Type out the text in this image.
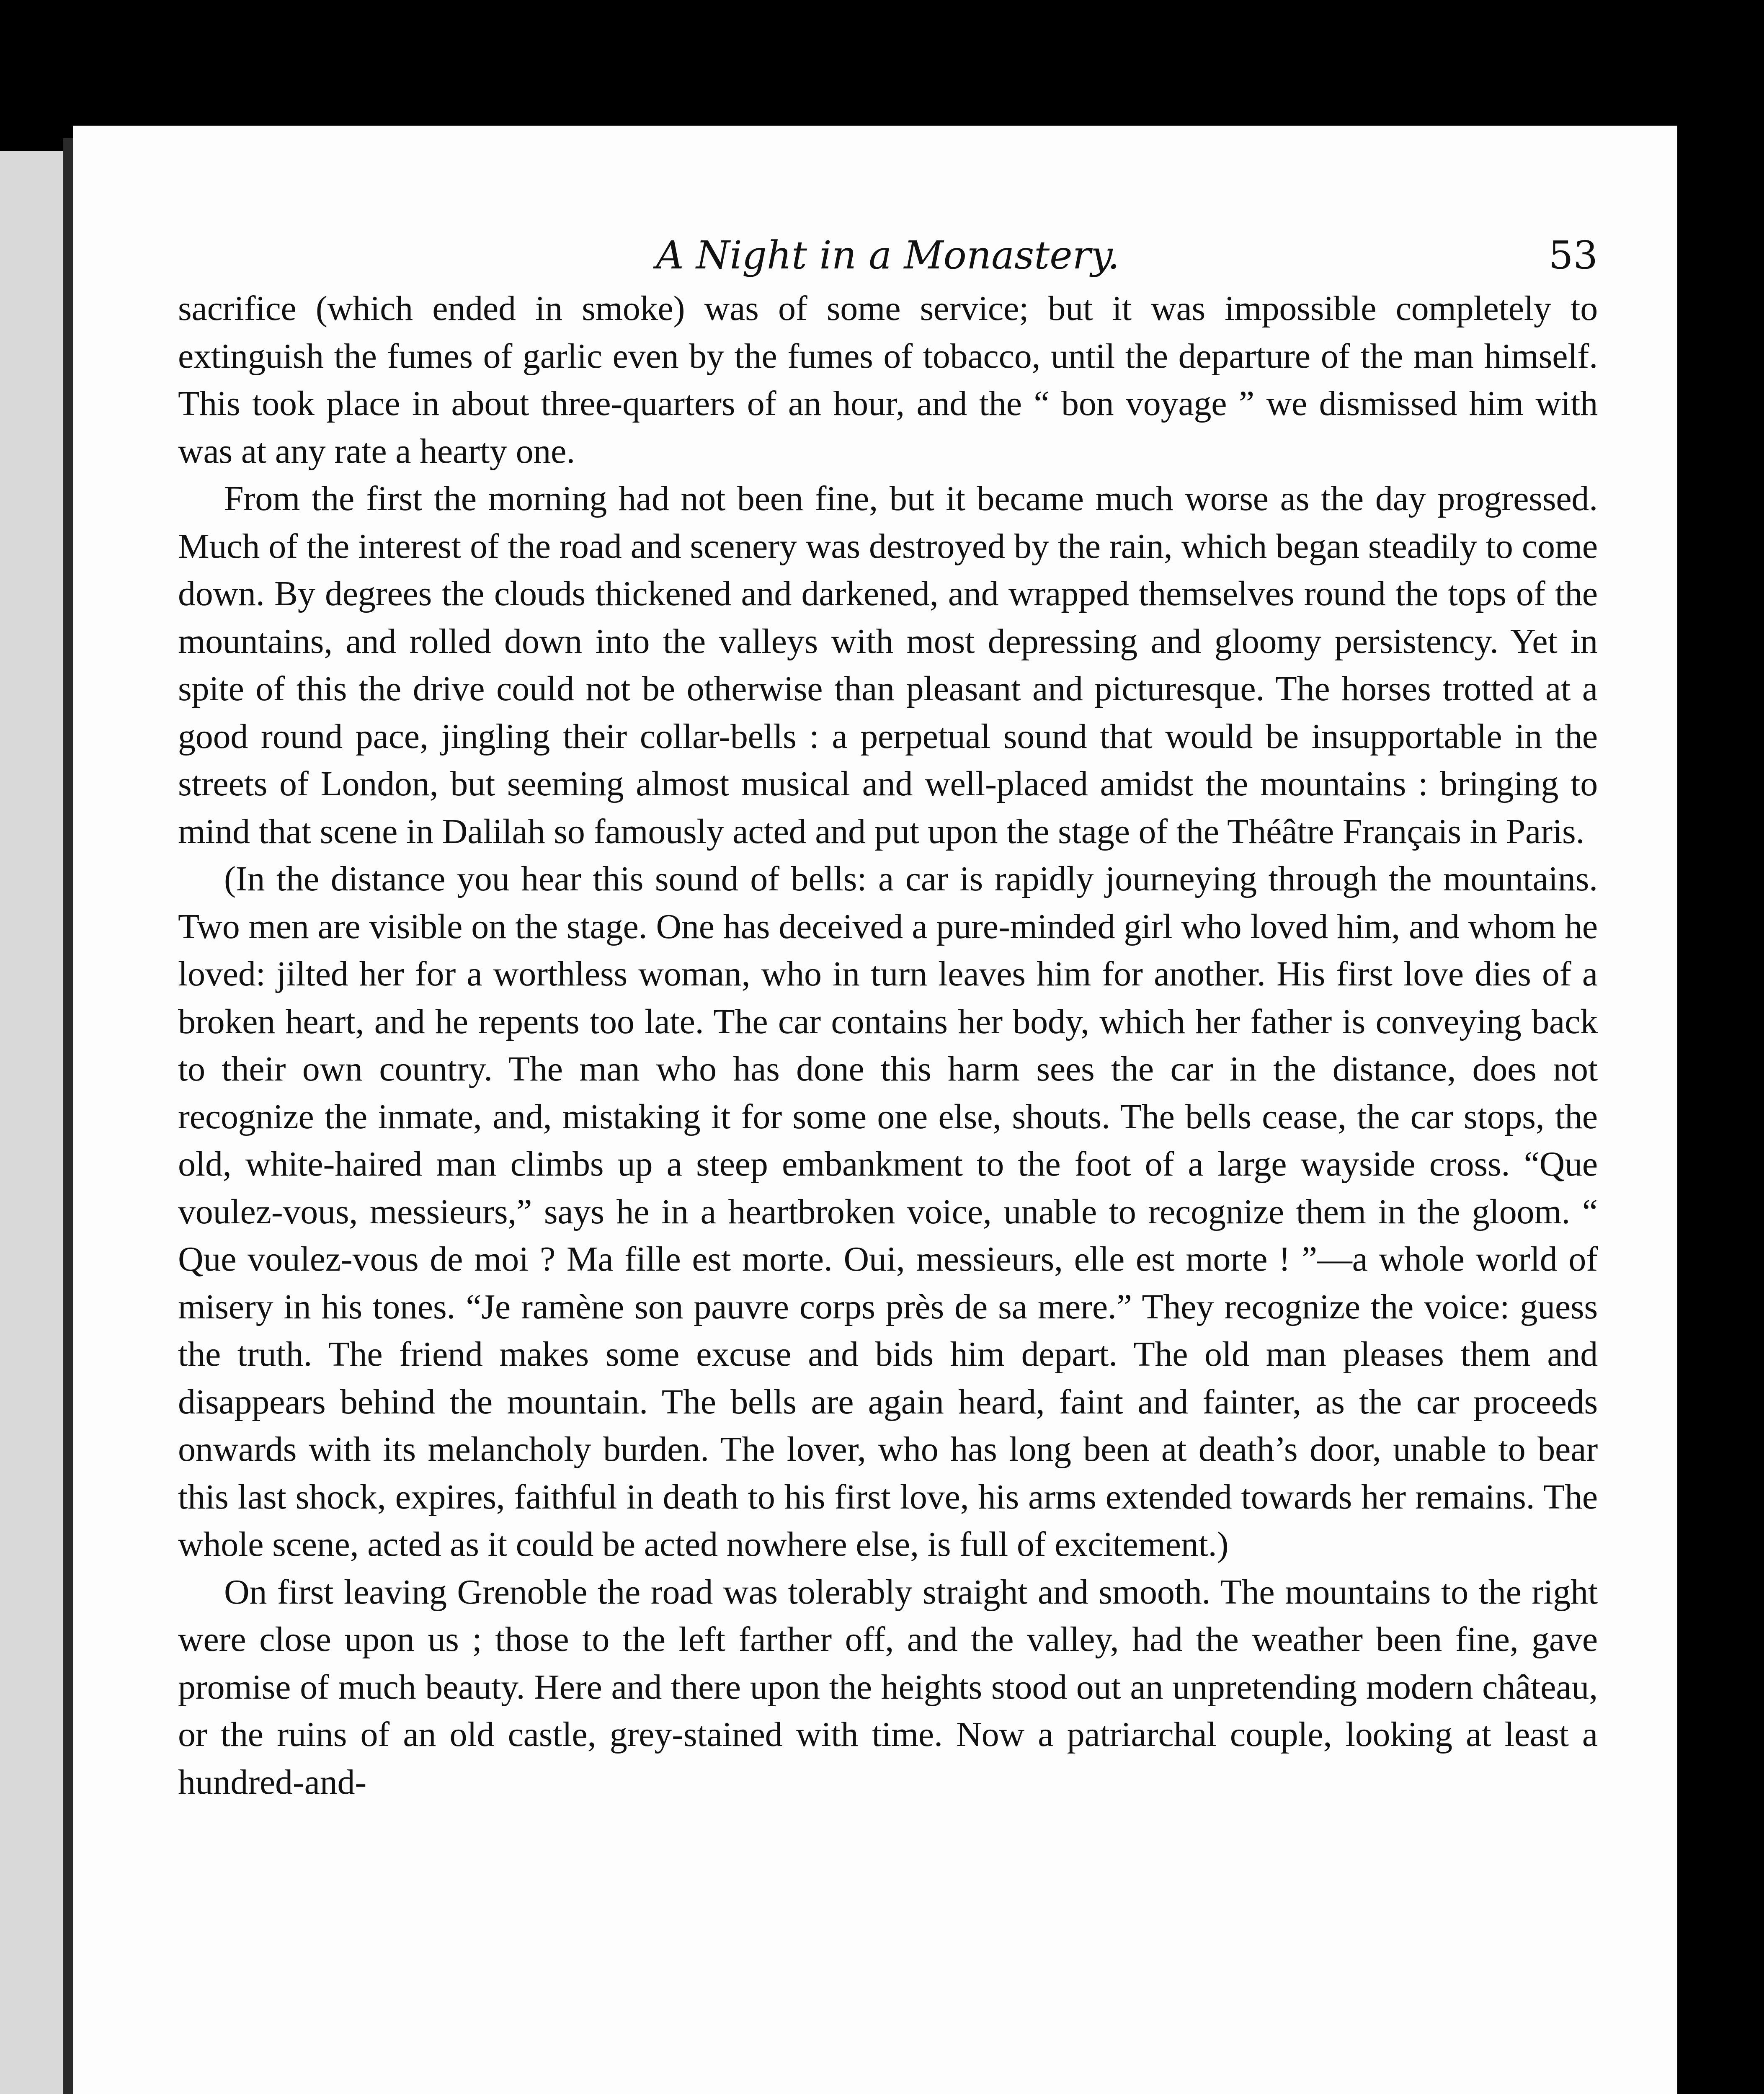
A Night in a Monastery.	53

sacrifice (which ended in smoke) was of some service; but it was impossible completely to extinguish the fumes of garlic even by the fumes of tobacco, until the departure of the man himself. This took place in about three-quarters of an hour, and the “ bon voyage ” we dismissed him with was at any rate a hearty one.

From the first the morning had not been fine, but it became much worse as the day progressed. Much of the interest of the road and scenery was destroyed by the rain, which began steadily to come down. By degrees the clouds thickened and darkened, and wrapped themselves round the tops of the mountains, and rolled down into the valleys with most depressing and gloomy persistency. Yet in spite of this the drive could not be otherwise than pleasant and picturesque. The horses trotted at a good round pace, jingling their collar-bells : a perpetual sound that would be insupportable in the streets of London, but seeming almost musical and well-placed amidst the mountains : bringing to mind that scene in Dalilah so famously acted and put upon the stage of the Théâtre Français in Paris.

(In the distance you hear this sound of bells: a car is rapidly journeying through the mountains. Two men are visible on the stage. One has deceived a pure-minded girl who loved him, and whom he loved: jilted her for a worthless woman, who in turn leaves him for another. His first love dies of a broken heart, and he repents too late. The car contains her body, which her father is conveying back to their own country. The man who has done this harm sees the car in the distance, does not recognize the inmate, and, mistaking it for some one else, shouts. The bells cease, the car stops, the old, white-haired man climbs up a steep embankment to the foot of a large wayside cross. “Que voulez-vous, messieurs,” says he in a heartbroken voice, unable to recognize them in the gloom. “ Que voulez-vous de moi ? Ma fille est morte. Oui, messieurs, elle est morte ! ”—a whole world of misery in his tones. “Je ramène son pauvre corps près de sa mere.” They recognize the voice: guess the truth. The friend makes some excuse and bids him depart. The old man pleases them and disappears behind the mountain. The bells are again heard, faint and fainter, as the car proceeds onwards with its melancholy burden. The lover, who has long been at death’s door, unable to bear this last shock, expires, faithful in death to his first love, his arms extended towards her remains. The whole scene, acted as it could be acted nowhere else, is full of excitement.)

On first leaving Grenoble the road was tolerably straight and smooth. The mountains to the right were close upon us ; those to the left farther off, and the valley, had the weather been fine, gave promise of much beauty. Here and there upon the heights stood out an unpretending modern château, or the ruins of an old castle, grey-stained with time. Now a patriarchal couple, looking at least a hundred-and-
